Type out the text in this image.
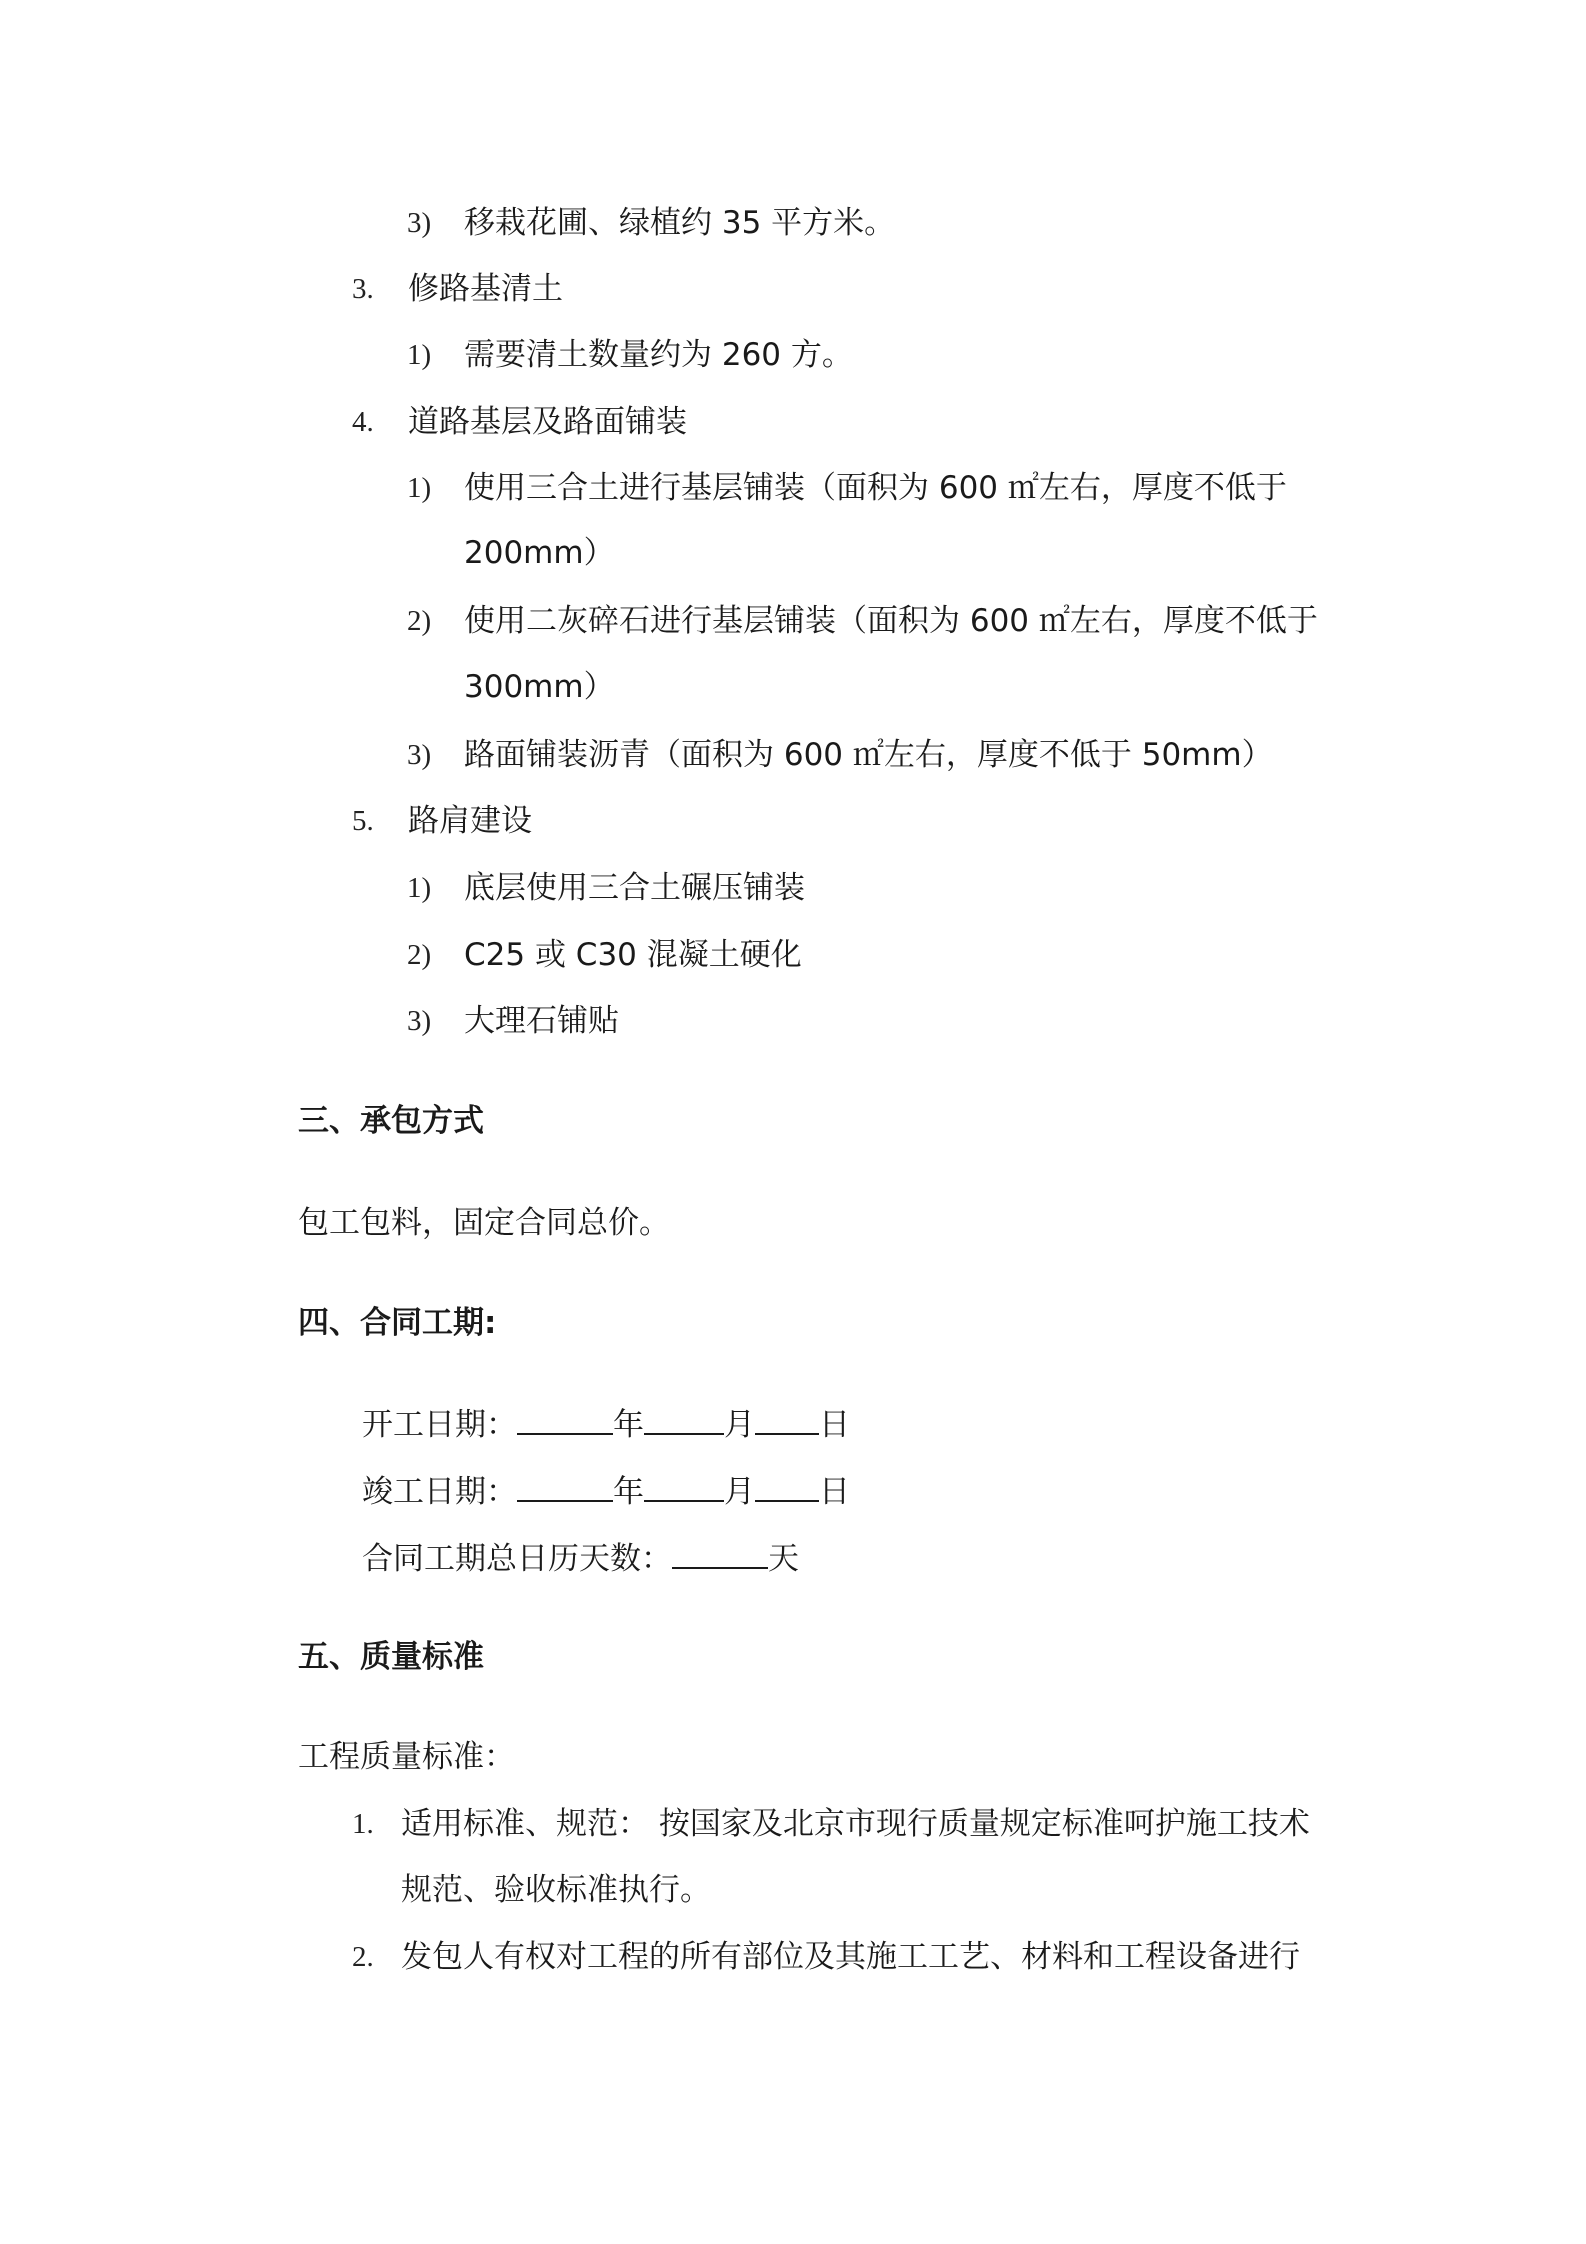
3) 移栽花圃、绿植约 35 平方米。
3. 修路基清土
1) 需要清土数量约为 260 方。
4. 道路基层及路面铺装
1) 使用三合土进行基层铺装（面积为 600 ㎡左右，厚度不低于
200mm）
2) 使用二灰碎石进行基层铺装（面积为 600 ㎡左右，厚度不低于
300mm）
3) 路面铺装沥青（面积为 600 ㎡左右，厚度不低于 50mm）
5. 路肩建设
1) 底层使用三合土碾压铺装
2) C25 或 C30 混凝土硬化
3) 大理石铺贴
三、承包方式
包工包料，固定合同总价。
四、合同工期:
开工日期：	年	月 日
竣工日期：	年	月 日
合同工期总日历天数：	天
五、质量标准
工程质量标准：
1. 适用标准、规范： 按国家及北京市现行质量规定标准呵护施工技术
规范、验收标准执行。
2. 发包人有权对工程的所有部位及其施工工艺、材料和工程设备进行
